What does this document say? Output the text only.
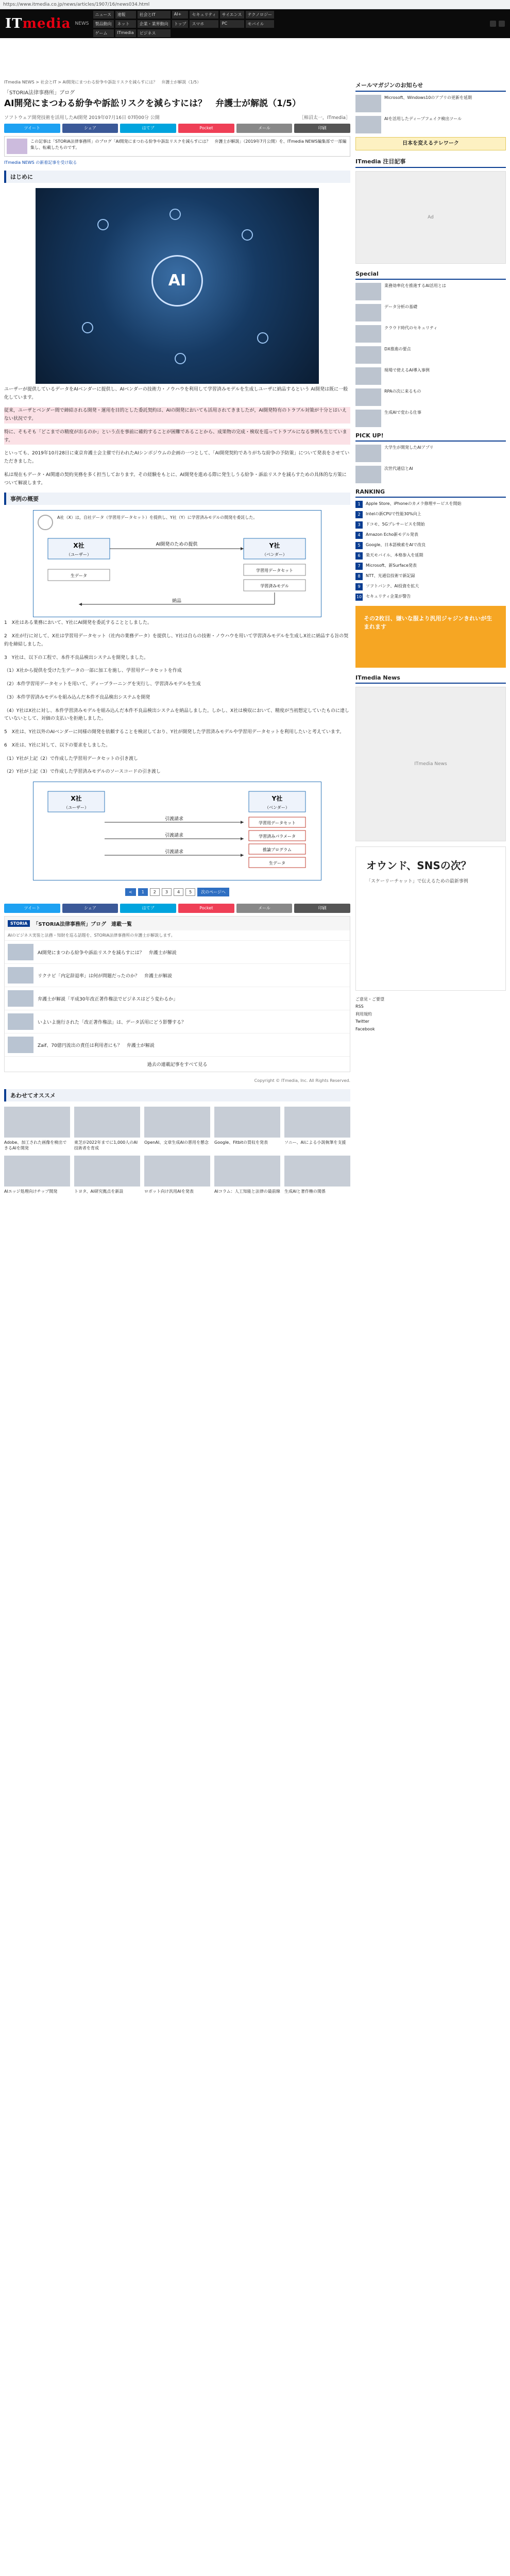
https://www.itmedia.co.jp/news/articles/1907/16/news034.html
ITmedia NEWS
ニュース	速報	社会とIT	AI+	セキュリティ	サイエンス	テクノロジー
製品動向	ネット	企業・業界動向	トップ	スマホ	PC	モバイル
ゲーム	ITmedia	ビジネス
ITmedia NEWS > 社会とIT > AI開発にまつわる紛争や訴訟リスクを減らすには？　弁護士が解説（1/5）
「STORIA法律事務所」ブログ
AI開発にまつわる紛争や訴訟リスクを減らすには？　弁護士が解説（1/5）
ソフトウェア開発技術を活用したAI開発 2019年07月16日 07時00分 公開	［柿沼太一，ITmedia］
ツイート	シェア	はてブ	Pocket	メール	印刷
この記事は「STORIA法律事務所」のブログ「AI開発にまつわる紛争や訴訟リスクを減らすには？　弁護士が解説」（2019年7月公開）を、ITmedia NEWS編集部で一部編集し、転載したものです。
ITmedia NEWS の新着記事を受け取る
はじめに
AI

ユーザーが提供しているデータをAIベンダーに提供し、AIベンダーの技術力・ノウハウを利用して学習済みモデルを生成しユーザに納品するという AI開発は既に一般化しています。

従来，ユーザとベンダー間で締結される開発・運用を目的とした委託契約は、AIの開発においても活用されてきましたが，AI開発特有のトラブル対策が十分とはいえない状況です。

特に、そもそも「どこまでの精度が出るのか」という点を事前に確約することが困難であることから、成果物の完成・検収を巡ってトラブルになる事例も生じています。

といっても、2019年10月28日に東京弁護士会主催で行われたAIシンポジウムの企画の一つとして、「AI開発契約でありがちな紛争の予防策」について発表をさせていただきました。

私は現在もデータ・AI関連の契約実務を多く担当しております。その経験をもとに、AI開発を進める際に発生しうる紛争・訴訟リスクを減らすための具体的な方策について解説します。

事例の概要
A社（X）は，自社データ（学習用データセット）を提供し、Y社（Y）に学習済みモデルの開発を委託した。
X社
（ユーザー）
Y社
（ベンダー）
AI開発のための提供
生データ
学習用データセット
学習済みモデル
納品

1　X社はある業務において、Y社にAI開発を委託することとしました。

2　X社が行に対して、X社は学習用データセット（社内の業務データ）を提供し、Y社は自らの技術・ノウハウを用いて学習済みモデルを生成しX社に納品する旨の契約を締結しました。

3　Y社は、以下の工程で、本件不良品検出システムを開発しました。

（1）X社から提供を受けた生データの一部に加工を施し、学習用データセットを作成

（2）本件学習用データセットを用いて、ディープラーニングを実行し、学習済みモデルを生成

（3）本件学習済みモデルを組み込んだ本件不良品検出システムを開発

（4）Y社はX社に対し、本件学習済みモデルを組み込んだ本件不良品検出システムを納品しました。しかし、X社は検収において、精度が当初想定していたものに達していないとして、対価の支払いを拒絶しました。

5　X社は、Y社以外のAIベンダーに同様の開発を依頼することを検討しており、Y社が開発した学習済みモデルや学習用データセットを利用したいと考えています。

6　X社は、Y社に対して、以下の要求をしました。

（1）Y社が上記（2）で作成した学習用データセットの引き渡し

（2）Y社が上記（3）で作成した学習済みモデルのソースコードの引き渡し

X社
（ユーザー）
Y社
（ベンダー）
引渡請求
引渡請求
引渡請求
学習用データセット
学習済みパラメータ
推論プログラム
生データ
<	1	2	3	4	5	次のページへ
ツイート	シェア	はてブ	Pocket	メール	印刷
STORIA	「STORIA法律事務所」ブログ　連載一覧
AIのビジネス実装と法務・知財を巡る話題を、STORIA法律事務所の弁護士が解説します。
AI開発にまつわる紛争や訴訟リスクを減らすには？　弁護士が解説
リクナビ「内定辞退率」は何が問題だったのか？　弁護士が解説
弁護士が解説「平成30年改正著作権法でビジネスはどう変わるか」
いよいよ施行された「改正著作権法」は、データ活用にどう影響する？
Zaif、70億円流出の責任は利用者にも？　弁護士が解説
過去の連載記事をすべて見る
Copyright © ITmedia, Inc. All Rights Reserved.
あわせてオススメ
Adobe、加工された画像を検出できるAIを開発
東芝が2022年までに1,000人のAI技術者を育成
OpenAI、文章生成AIの悪用を懸念	Google、Fitbitの買収を発表	ソニー、AIによる小説執筆を支援
AIエッジ処理向けチップ開発	トヨタ、AI研究拠点を新設	ロボット向け汎用AIを発表	AIコラム：人工知能と法律の最前線 生成AIと著作権の関係
メールマガジンのお知らせ
Microsoft、Windows10のアプリの更新を延期
AIを活用したディープフェイク検出ツール
日本を変えるテレワーク
ITmedia 注目記事
Ad
Special
業務効率化を推進するAI活用とは
データ分析の基礎
クラウド時代のセキュリティ
DX推進の要点
現場で使えるAI導入事例
RPAの次に来るもの
生成AIで変わる仕事
PICK UP!
大学生が開発したAIアプリ
次世代通信とAI
RANKING
1	Apple Store、iPhoneのカメラ修理サービスを開始
2	Intelの新CPUで性能30%向上
3	ドコモ、5Gプレサービスを開始
4	Amazon Echo新モデル発表
5	Google、日本語検索をAIで改良
6	楽天モバイル、本格参入を延期
7	Microsoft、新Surface発表
8	NTT、光通信技術で新記録
9	ソフトバンク、AI投資を拡大
10 セキュリティ企業が警告
その2枚目、嫌いな服より汎用ジャジンきれいが生まれます
ITmedia News
ITmedia News
オウンド、SNSの次？
「スケーリーチャット」で伝えるための最新事例
ご意見・ご要望
RSS
利用規約
Twitter
Facebook
